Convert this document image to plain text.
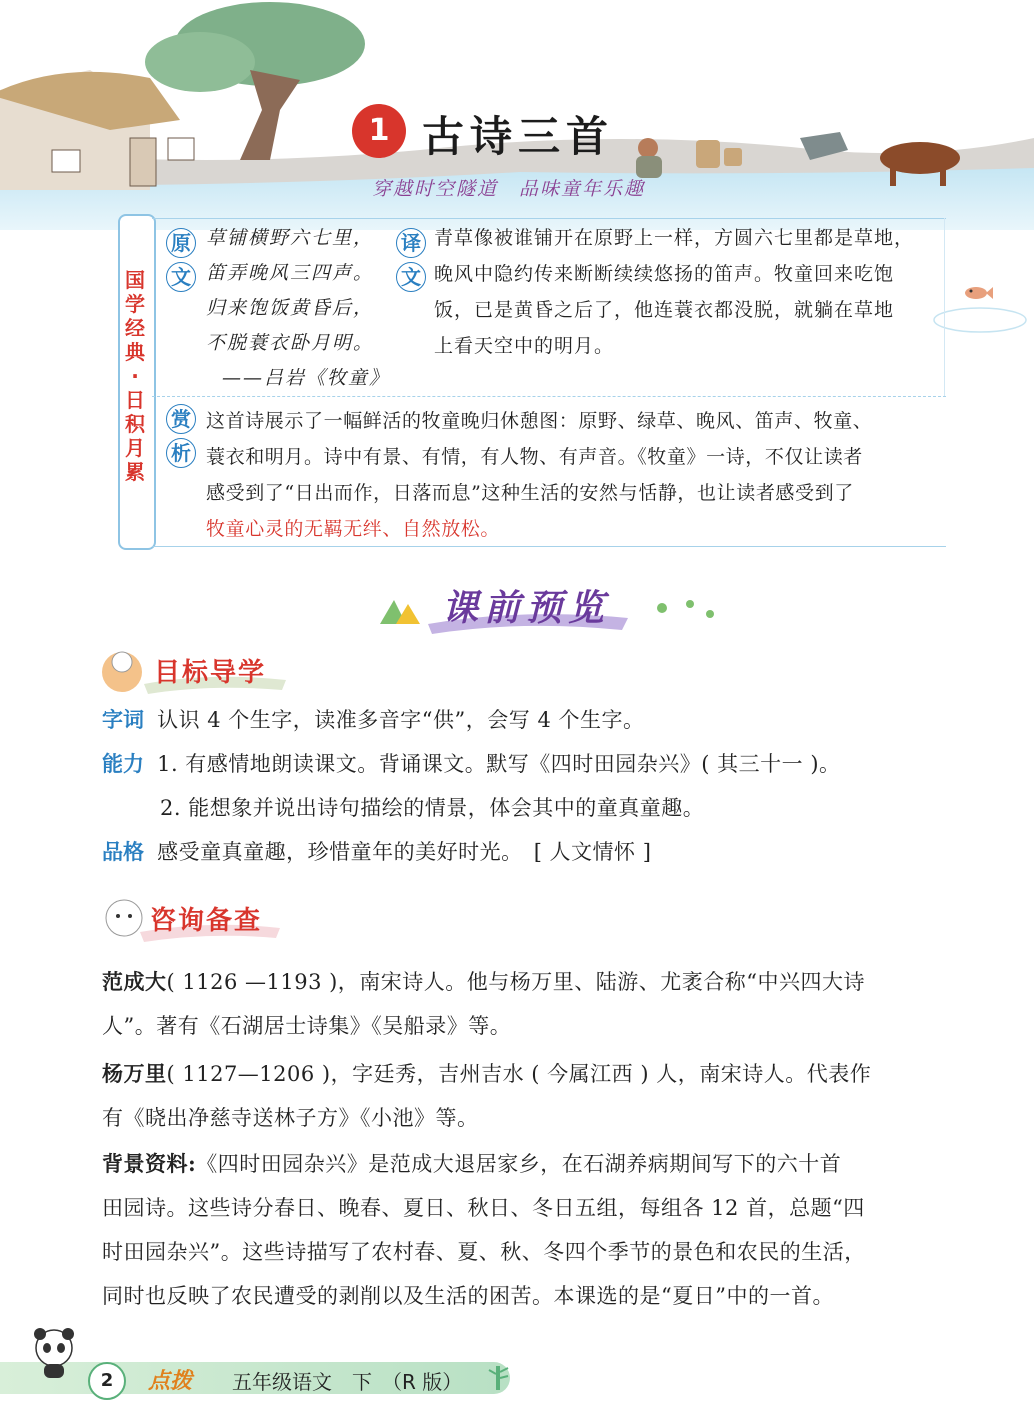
1 古诗三首
穿越时空隧道　品味童年乐趣
国学经典·日积月累
原
文
草铺横野六七里，
笛弄晚风三四声。
归来饱饭黄昏后，
不脱蓑衣卧月明。
——吕岩《牧童》
译
文
青草像被谁铺开在原野上一样，方圆六七里都是草地，
晚风中隐约传来断断续续悠扬的笛声。牧童回来吃饱
饭，已是黄昏之后了，他连蓑衣都没脱，就躺在草地
上看天空中的明月。
赏
析
这首诗展示了一幅鲜活的牧童晚归休憩图：原野、绿草、晚风、笛声、牧童、
蓑衣和明月。诗中有景、有情，有人物、有声音。《牧童》一诗，不仅让读者
感受到了“日出而作，日落而息”这种生活的安然与恬静，也让读者感受到了
牧童心灵的无羁无绊、自然放松。
课前预览
目标导学
字词 认识 4 个生字，读准多音字“供”，会写 4 个生字。
能力 1. 有感情地朗读课文。背诵课文。默写《四时田园杂兴》( 其三十一 )。
2. 能想象并说出诗句描绘的情景，体会其中的童真童趣。
品格 感受童真童趣，珍惜童年的美好时光。 [ 人文情怀 ]
咨询备查
范成大( 1126 —1193 )，南宋诗人。他与杨万里、陆游、尤袤合称“中兴四大诗
人”。著有《石湖居士诗集》《吴船录》等。
杨万里( 1127—1206 )，字廷秀，吉州吉水 ( 今属江西 ) 人，南宋诗人。代表作
有《晓出净慈寺送林子方》《小池》等。
背景资料:《四时田园杂兴》是范成大退居家乡，在石湖养病期间写下的六十首
田园诗。这些诗分春日、晚春、夏日、秋日、冬日五组，每组各 12 首，总题“四
时田园杂兴”。这些诗描写了农村春、夏、秋、冬四个季节的景色和农民的生活，
同时也反映了农民遭受的剥削以及生活的困苦。本课选的是“夏日”中的一首。
2	点拨 五年级语文　下　（R 版）
